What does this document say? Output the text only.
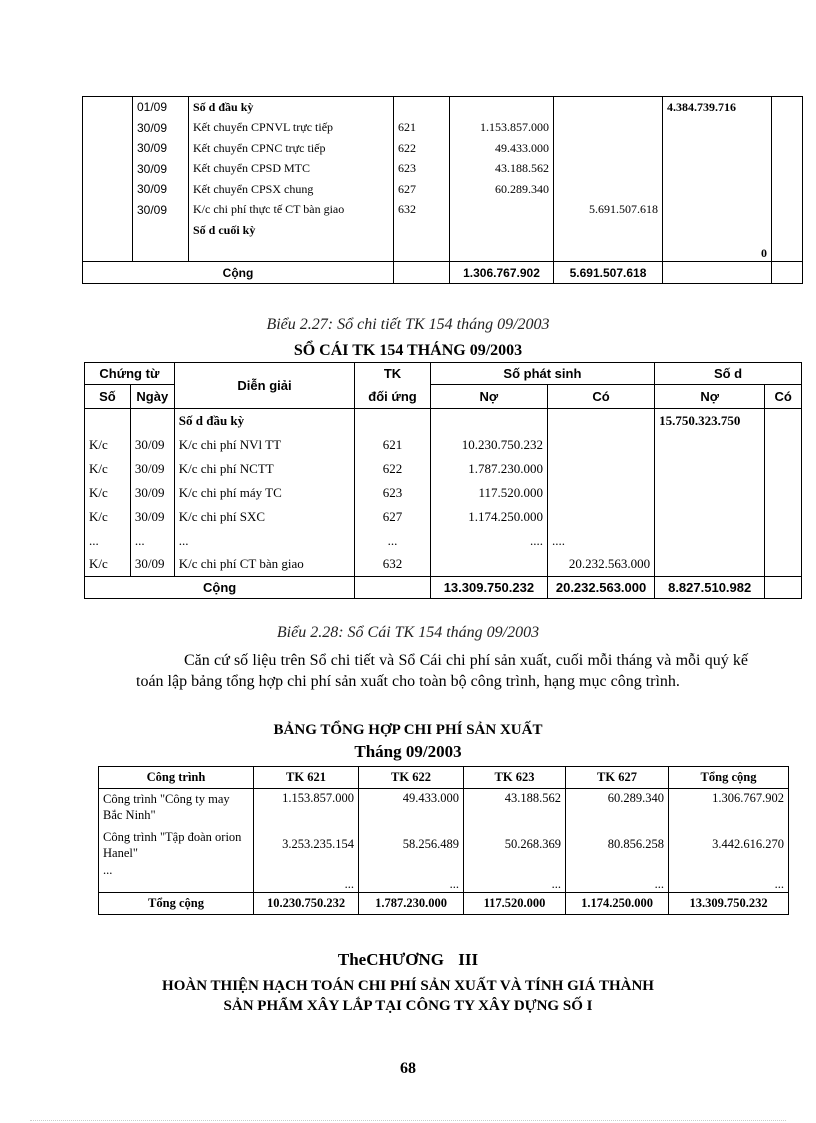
	01/09	Số d đầu kỳ				4.384.739.716	
	30/09	Kết chuyển CPNVL trực tiếp	621	1.153.857.000			
	30/09	Kết chuyển CPNC trực tiếp	622	49.433.000			
	30/09	Kết chuyển CPSD MTC	623	43.188.562			
	30/09	Kết chuyển CPSX chung	627	60.289.340			
	30/09	K/c chi phí thực tế CT bàn giao	632		5.691.507.618		
		Số d cuối kỳ					
						0	
Cộng				1.306.767.902	5.691.507.618		
Biểu 2.27: Sổ chi tiết TK 154 tháng 09/2003
SỔ CÁI TK 154 THÁNG 09/2003
Chứng từ		Diễn giải	TK	Số phát sinh		Số d	
Số	Ngày		đối ứng	Nợ	Có	Nợ	Có
		Số d đầu kỳ				15.750.323.750	
K/c	30/09	K/c chi phí NVl TT	621	10.230.750.232			
K/c	30/09	K/c chi phí NCTT	622	1.787.230.000			
K/c	30/09	K/c chi phí máy TC	623	117.520.000			
K/c	30/09	K/c chi phí SXC	627	1.174.250.000			
...	...	...	...	....	....		
K/c	30/09	K/c chi phí CT bàn giao	632		20.232.563.000		
Cộng				13.309.750.232	20.232.563.000	8.827.510.982	
Biểu 2.28: Sổ Cái TK 154 tháng 09/2003
Căn cứ số liệu trên Sổ chi tiết và Sổ Cái chi phí sản xuất, cuối mỗi tháng và mỗi quý kế toán lập bảng tổng hợp chi phí sản xuất cho toàn bộ công trình, hạng mục công trình.
BẢNG TỔNG HỢP CHI PHÍ SẢN XUẤT
Tháng 09/2003
Công trình	TK 621	TK 622	TK 623	TK 627	Tổng cộng
Công trình "Công ty may Bắc Ninh"	1.153.857.000	49.433.000	43.188.562	60.289.340	1.306.767.902
Công trình "Tập đoàn orion Hanel"	3.253.235.154	58.256.489	50.268.369	80.856.258	3.442.616.270
...	...	...	...	...	...
Tổng cộng	10.230.750.232	1.787.230.000	117.520.000	1.174.250.000	13.309.750.232
TheCHƯƠNG III
HOÀN THIỆN HẠCH TOÁN CHI PHÍ SẢN XUẤT VÀ TÍNH GIÁ THÀNH
SẢN PHẨM XÂY LẮP TẠI CÔNG TY XÂY DỰNG SỐ I
68
